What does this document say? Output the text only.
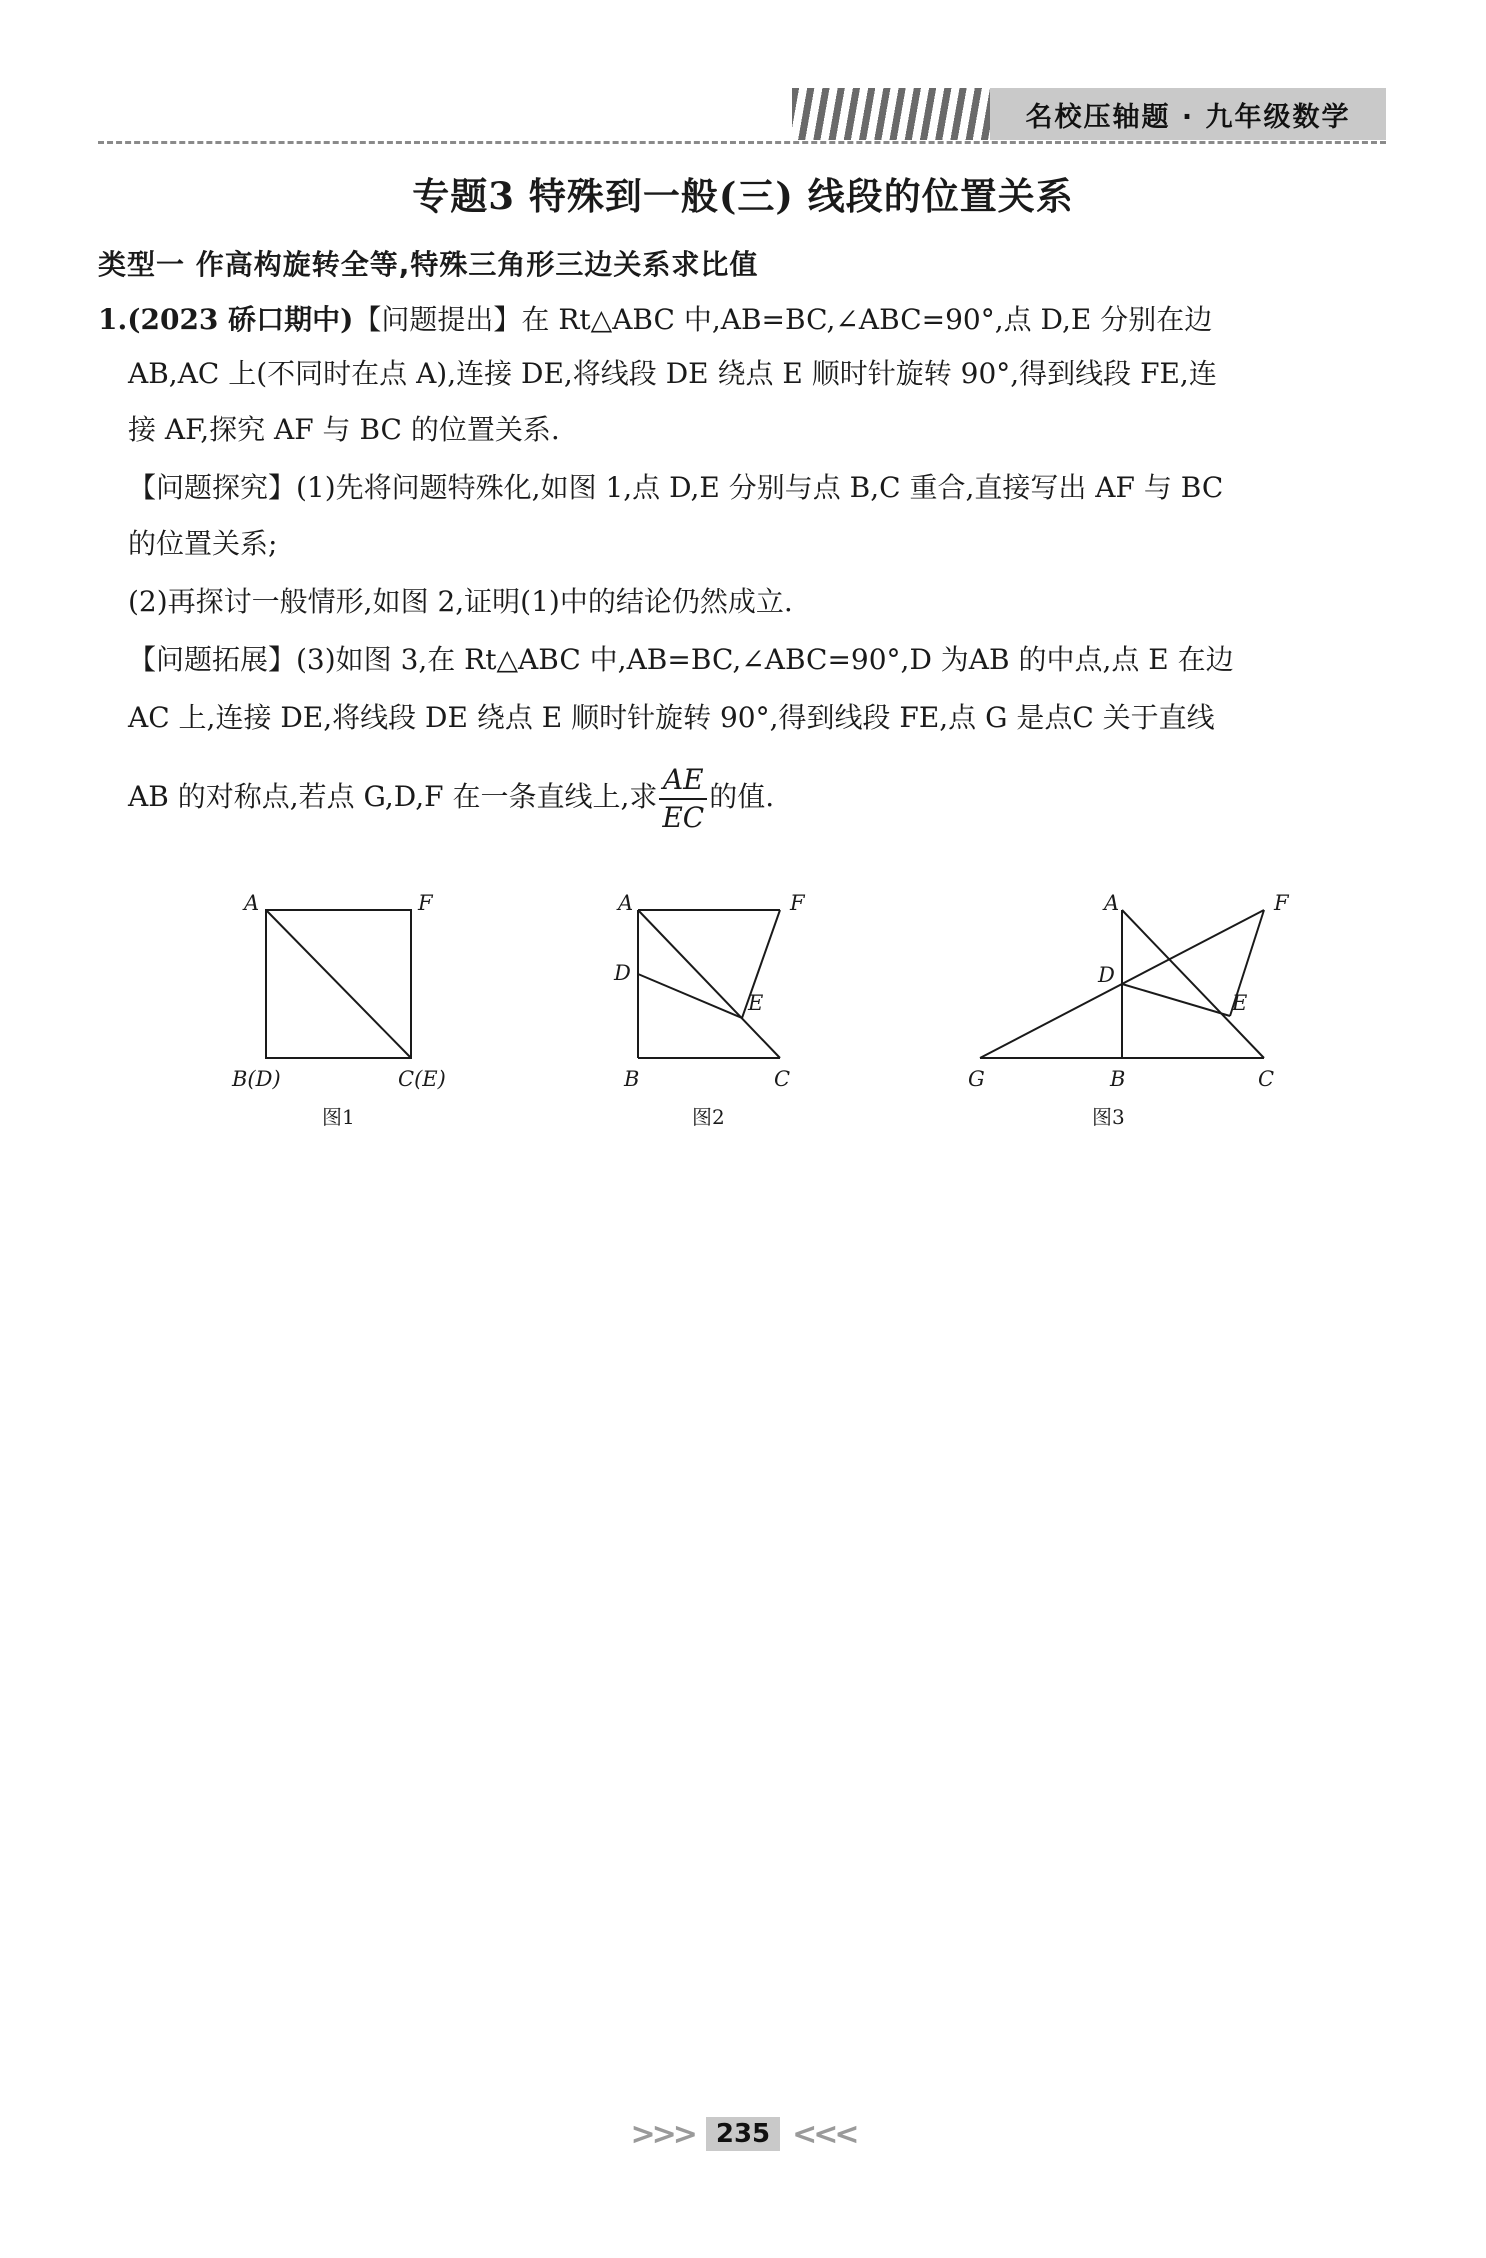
名校压轴题 · 九年级数学
专题3 特殊到一般(三) 线段的位置关系
类型一 作高构旋转全等,特殊三角形三边关系求比值
1.(2023 硚口期中)【问题提出】在 Rt△ABC 中,AB=BC,∠ABC=90°,点 D,E 分别在边
AB,AC 上(不同时在点 A),连接 DE,将线段 DE 绕点 E 顺时针旋转 90°,得到线段 FE,连
接 AF,探究 AF 与 BC 的位置关系.
【问题探究】(1)先将问题特殊化,如图 1,点 D,E 分别与点 B,C 重合,直接写出 AF 与 BC
的位置关系;
(2)再探讨一般情形,如图 2,证明(1)中的结论仍然成立.
【问题拓展】(3)如图 3,在 Rt△ABC 中,AB=BC,∠ABC=90°,D 为AB 的中点,点 E 在边
AC 上,连接 DE,将线段 DE 绕点 E 顺时针旋转 90°,得到线段 FE,点 G 是点C 关于直线
AB 的对称点,若点 G,D,F 在一条直线上,求 $\frac{AE}{EC}$ 的值.
A	F
B(D)	C(E)
A	F
D
E
B	C
A	F
D
E
G	B	C
图1	图2	图3
>>> 235 <<<
